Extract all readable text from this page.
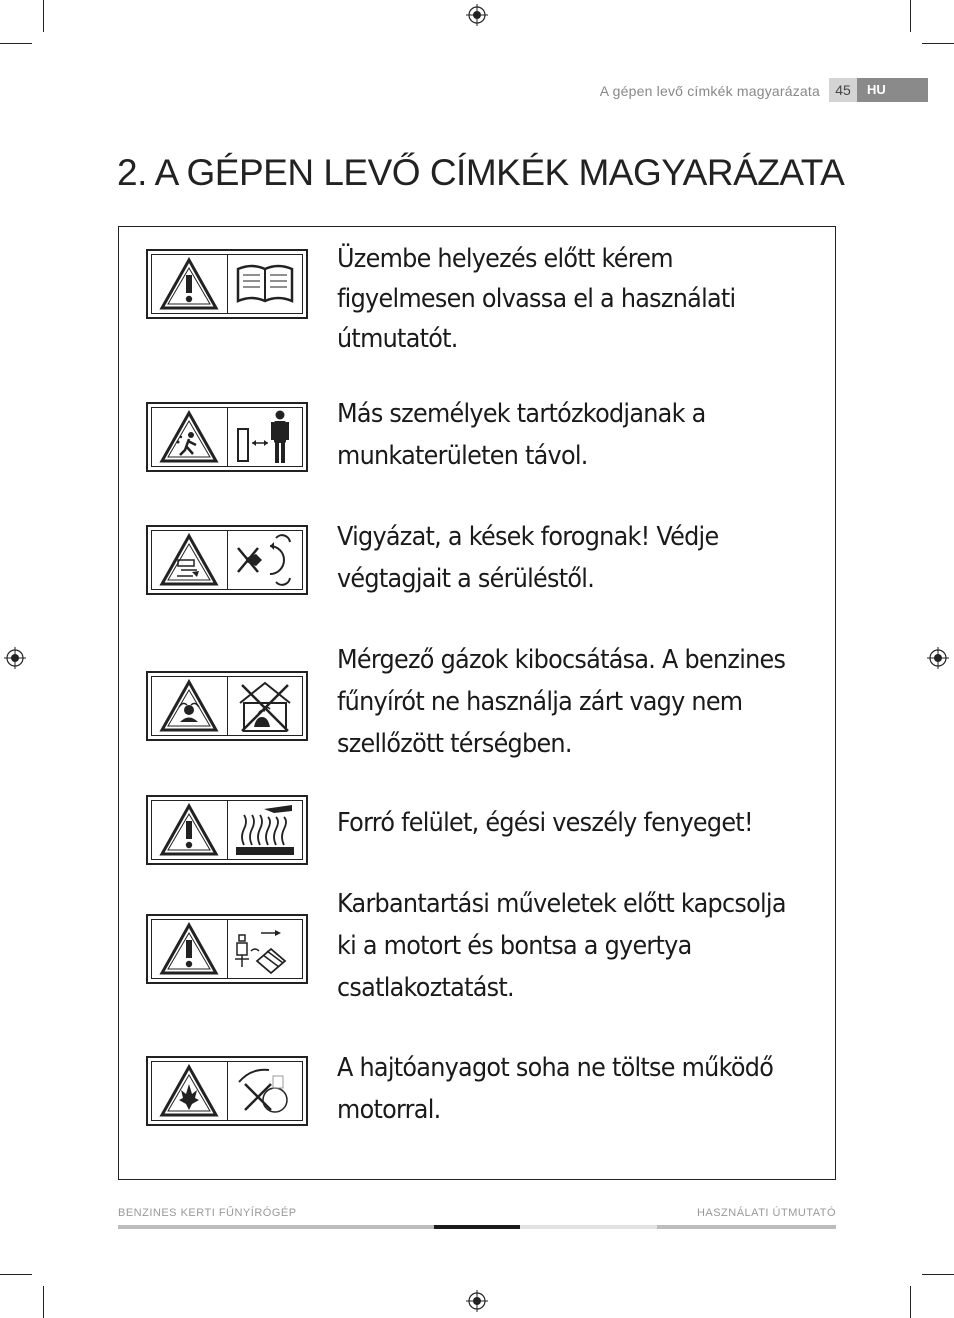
A gépen levő címkék magyarázata	45	HU
2. A GÉPEN LEVŐ CÍMKÉK MAGYARÁZATA
Üzembe helyezés előtt kérem figyelmesen olvassa el a használati útmutatót.
Más személyek tartózkodjanak a munkaterületen távol.
Vigyázat, a kések forognak! Védje végtagjait a sérüléstől.
Mérgező gázok kibocsátása. A benzines fűnyírót ne használja zárt vagy nem szellőzött térségben.
Forró felület, égési veszély fenyeget!
Karbantartási műveletek előtt kapcsolja ki a motort és bontsa a gyertya csatlakoztatást.
A hajtóanyagot soha ne töltse működő motorral.
BENZINES KERTI FŰNYÍRÓGÉP	HASZNÁLATI ÚTMUTATÓ
